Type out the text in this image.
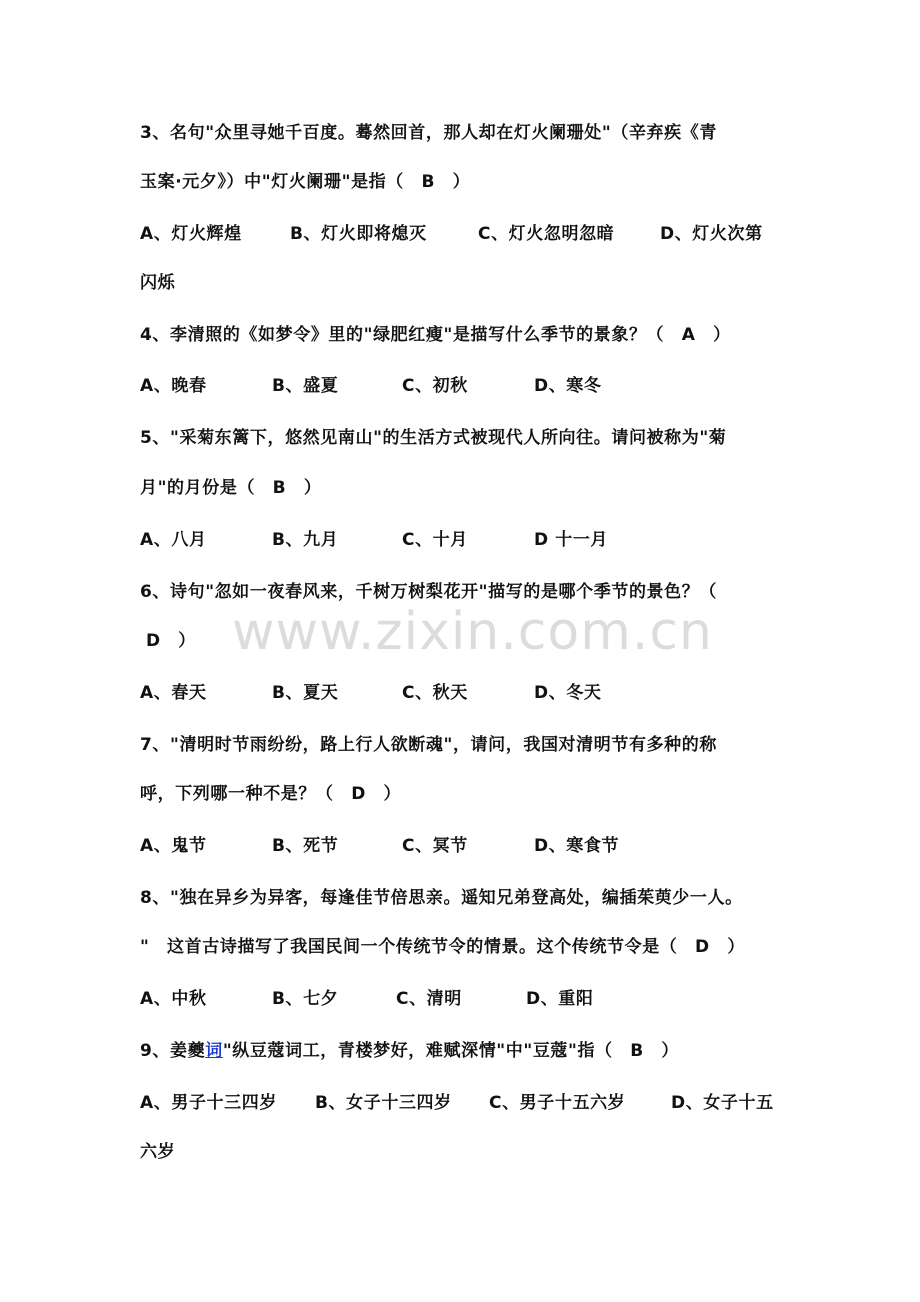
www.zixin.com.cn
3、名句"众里寻她千百度。蓦然回首，那人却在灯火阑珊处"（辛弃疾《青
玉案·元夕》）中"灯火阑珊"是指（　B　）
A、灯火辉煌	B、灯火即将熄灭	C、灯火忽明忽暗	D、灯火次第
闪烁
4、李清照的《如梦令》里的"绿肥红瘦"是描写什么季节的景象？（　A　）
A、晚春	B、盛夏	C、初秋	D、寒冬
5、"采菊东篱下，悠然见南山"的生活方式被现代人所向往。请问被称为"菊
月"的月份是（　B　）
A、八月	B、九月	C、十月	D 十一月
6、诗句"忽如一夜春风来，千树万树梨花开"描写的是哪个季节的景色？（
D　）
A、春天	B、夏天	C、秋天	D、冬天
7、"清明时节雨纷纷，路上行人欲断魂"，请问，我国对清明节有多种的称
呼，下列哪一种不是？（　D　）
A、鬼节	B、死节	C、冥节	D、寒食节
8、"独在异乡为异客，每逢佳节倍思亲。遥知兄弟登高处，编插茱萸少一人。
"　这首古诗描写了我国民间一个传统节令的情景。这个传统节令是（　D　）
A、中秋	B、七夕	C、清明	D、重阳
9、姜夔词"纵豆蔻词工，青楼梦好，难赋深情"中"豆蔻"指（　B　）
A、男子十三四岁	B、女子十三四岁	C、男子十五六岁	D、女子十五
六岁
